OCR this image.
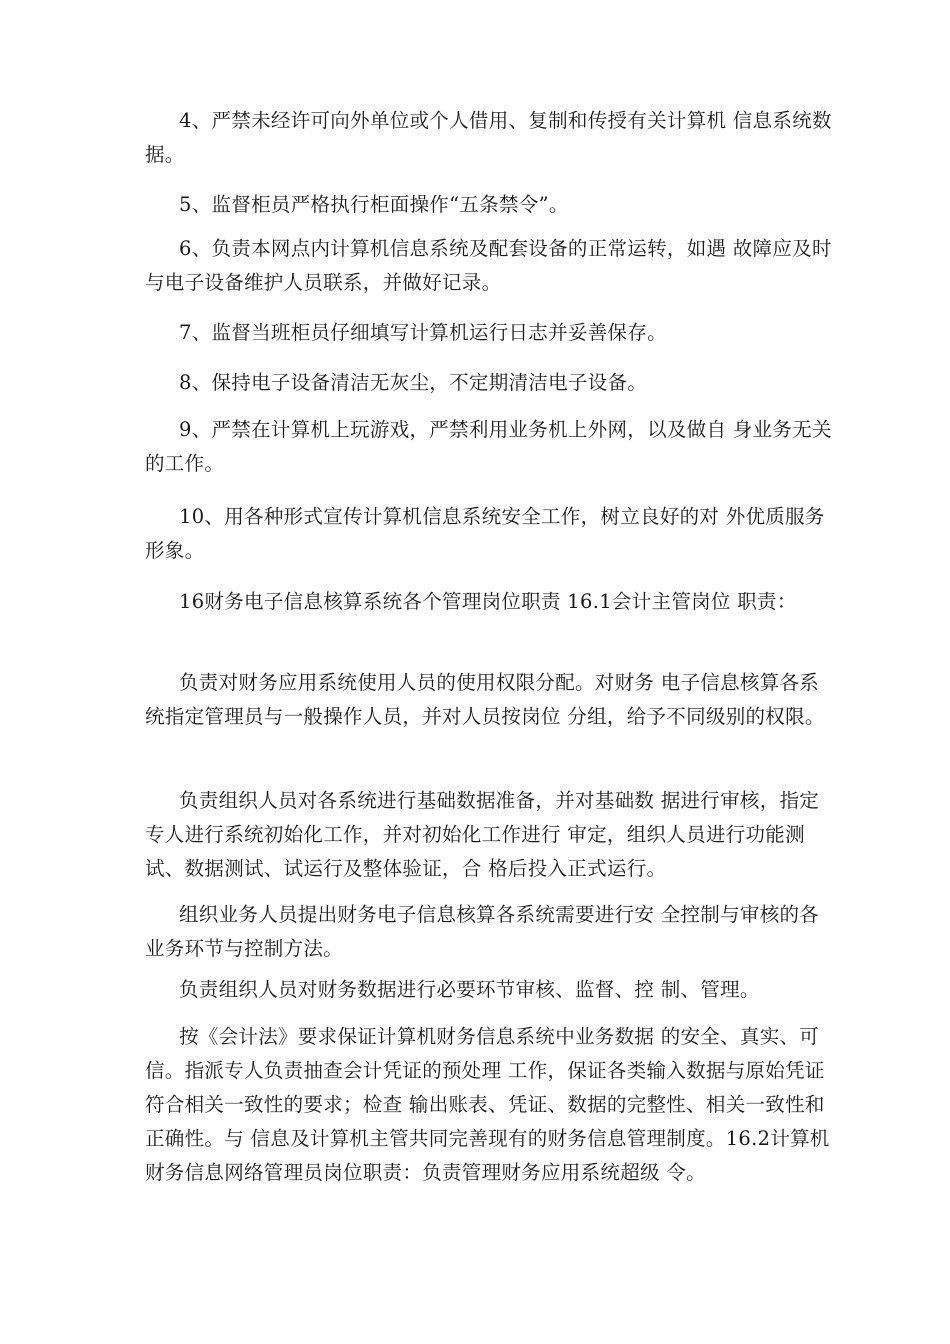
4、严禁未经许可向外单位或个人借用、复制和传授有关计算机 信息系统数据。

5、监督柜员严格执行柜面操作“五条禁令”。

6、负责本网点内计算机信息系统及配套设备的正常运转，如遇 故障应及时与电子设备维护人员联系，并做好记录。

7、监督当班柜员仔细填写计算机运行日志并妥善保存。

8、保持电子设备清洁无灰尘，不定期清洁电子设备。

9、严禁在计算机上玩游戏，严禁利用业务机上外网，以及做自 身业务无关的工作。

10、用各种形式宣传计算机信息系统安全工作，树立良好的对 外优质服务形象。

16财务电子信息核算系统各个管理岗位职责 16.1会计主管岗位 职责：

负责对财务应用系统使用人员的使用权限分配。对财务 电子信息核算各系统指定管理员与一般操作人员，并对人员按岗位 分组，给予不同级别的权限。

负责组织人员对各系统进行基础数据准备，并对基础数 据进行审核，指定专人进行系统初始化工作，并对初始化工作进行 审定，组织人员进行功能测试、数据测试、试运行及整体验证，合 格后投入正式运行。

组织业务人员提出财务电子信息核算各系统需要进行安 全控制与审核的各业务环节与控制方法。

负责组织人员对财务数据进行必要环节审核、监督、控 制、管理。

按《会计法》要求保证计算机财务信息系统中业务数据 的安全、真实、可信。指派专人负责抽查会计凭证的预处理 工作，保证各类输入数据与原始凭证符合相关一致性的要求；检查 输出账表、凭证、数据的完整性、相关一致性和正确性。与 信息及计算机主管共同完善现有的财务信息管理制度。16.2计算机 财务信息网络管理员岗位职责：负责管理财务应用系统超级 令。
